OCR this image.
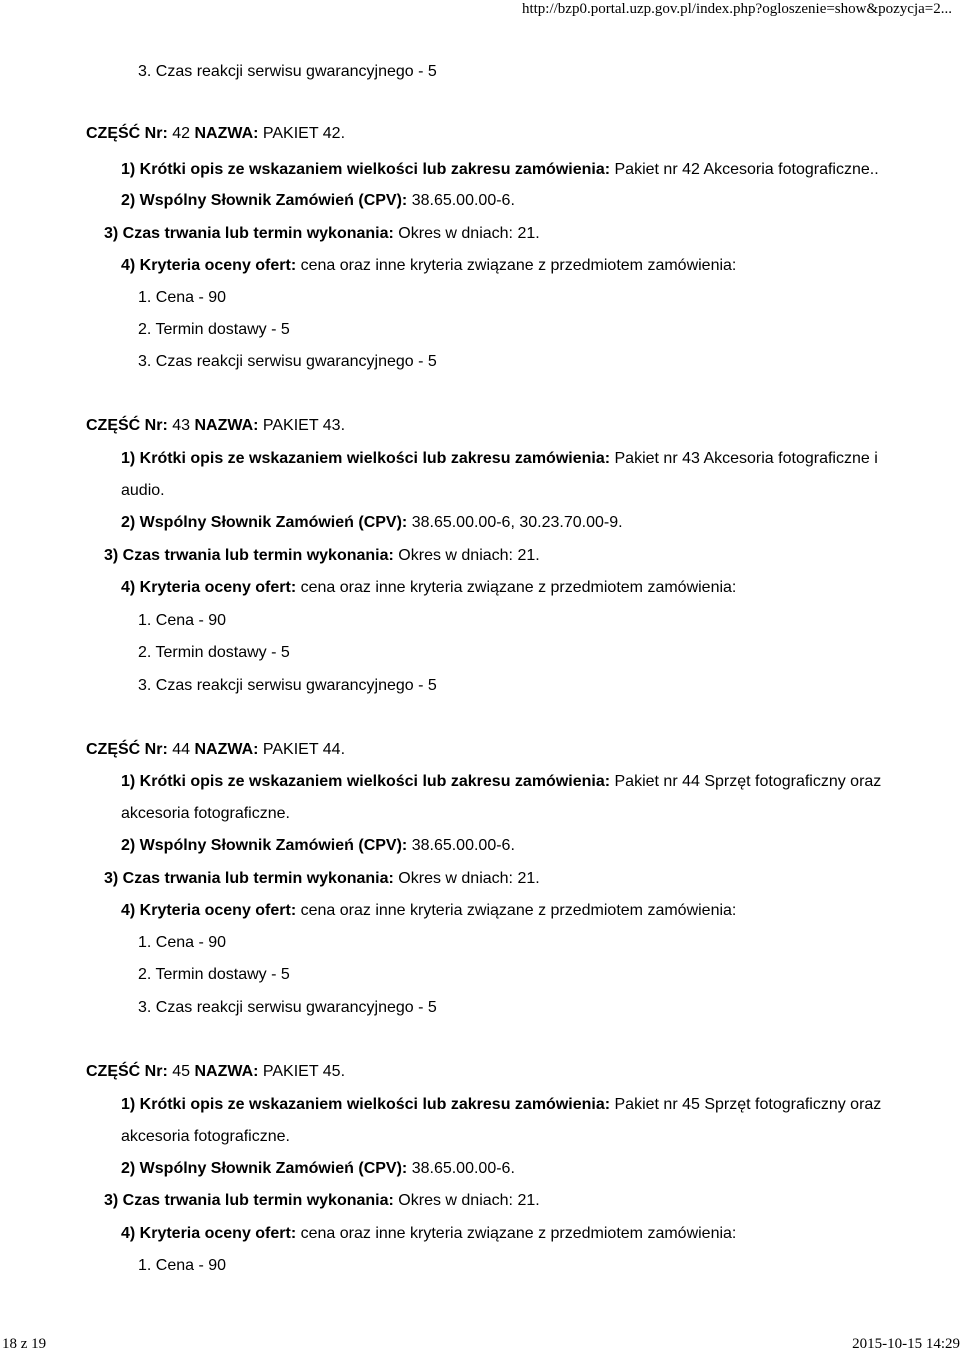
http://bzp0.portal.uzp.gov.pl/index.php?ogloszenie=show&pozycja=2...
3. Czas reakcji serwisu gwarancyjnego - 5
CZĘŚĆ Nr: 42 NAZWA: PAKIET 42.
1) Krótki opis ze wskazaniem wielkości lub zakresu zamówienia: Pakiet nr 42 Akcesoria fotograficzne..
2) Wspólny Słownik Zamówień (CPV): 38.65.00.00-6.
3) Czas trwania lub termin wykonania: Okres w dniach: 21.
4) Kryteria oceny ofert: cena oraz inne kryteria związane z przedmiotem zamówienia:
1. Cena - 90
2. Termin dostawy - 5
3. Czas reakcji serwisu gwarancyjnego - 5
CZĘŚĆ Nr: 43 NAZWA: PAKIET 43.
1) Krótki opis ze wskazaniem wielkości lub zakresu zamówienia: Pakiet nr 43 Akcesoria fotograficzne i
audio.
2) Wspólny Słownik Zamówień (CPV): 38.65.00.00-6, 30.23.70.00-9.
3) Czas trwania lub termin wykonania: Okres w dniach: 21.
4) Kryteria oceny ofert: cena oraz inne kryteria związane z przedmiotem zamówienia:
1. Cena - 90
2. Termin dostawy - 5
3. Czas reakcji serwisu gwarancyjnego - 5
CZĘŚĆ Nr: 44 NAZWA: PAKIET 44.
1) Krótki opis ze wskazaniem wielkości lub zakresu zamówienia: Pakiet nr 44 Sprzęt fotograficzny oraz
akcesoria fotograficzne.
2) Wspólny Słownik Zamówień (CPV): 38.65.00.00-6.
3) Czas trwania lub termin wykonania: Okres w dniach: 21.
4) Kryteria oceny ofert: cena oraz inne kryteria związane z przedmiotem zamówienia:
1. Cena - 90
2. Termin dostawy - 5
3. Czas reakcji serwisu gwarancyjnego - 5
CZĘŚĆ Nr: 45 NAZWA: PAKIET 45.
1) Krótki opis ze wskazaniem wielkości lub zakresu zamówienia: Pakiet nr 45 Sprzęt fotograficzny oraz
akcesoria fotograficzne.
2) Wspólny Słownik Zamówień (CPV): 38.65.00.00-6.
3) Czas trwania lub termin wykonania: Okres w dniach: 21.
4) Kryteria oceny ofert: cena oraz inne kryteria związane z przedmiotem zamówienia:
1. Cena - 90
18 z 19	2015-10-15 14:29
